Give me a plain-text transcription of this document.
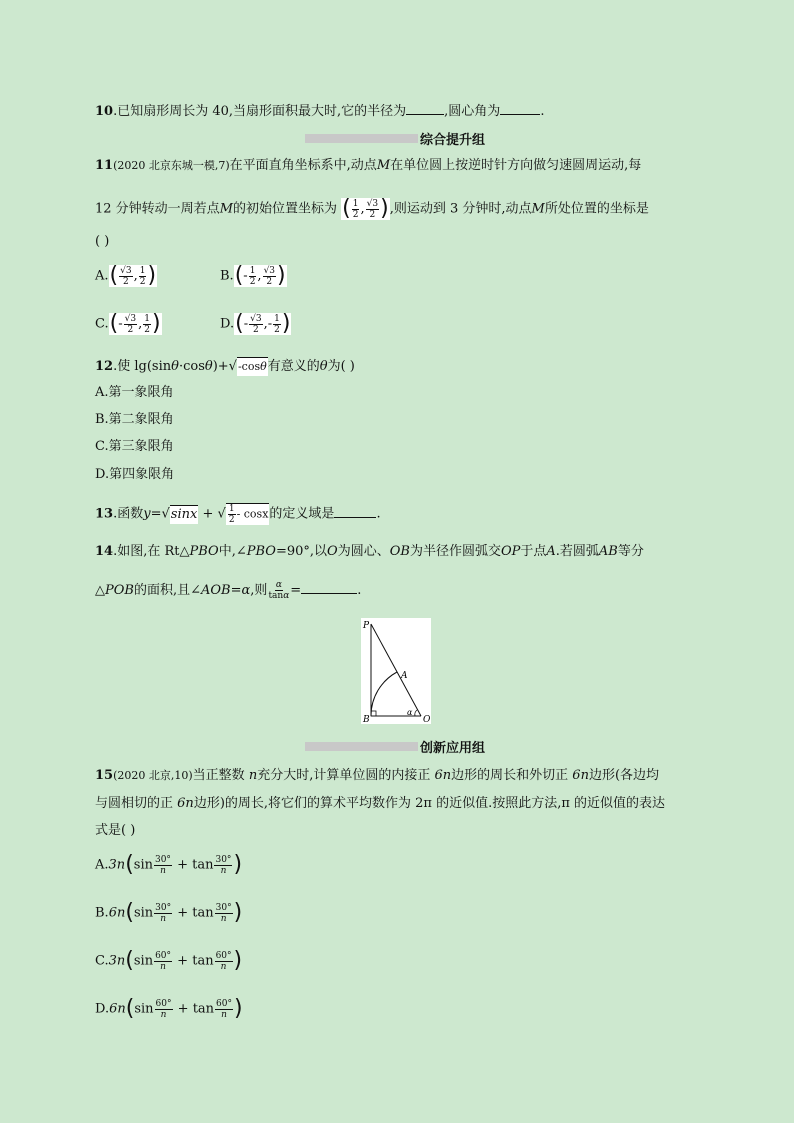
10.已知扇形周长为 40,当扇形面积最大时,它的半径为	,圆心角为	.
综合提升组
11(2020 北京东城一模,7)在平面直角坐标系中,动点M在单位圆上按逆时针方向做匀速圆周运动,每
12 分钟转动一周若点M的初始位置坐标为 ( $\frac{1}{2}$ , $\frac{√3}{2}$ ),则运动到 3 分钟时,动点M所处位置的坐标是
( )
$A.( \frac{√3}{2}$ , $\frac{1}{2}$ )	$B.(- \frac{1}{2}$ , $\frac{√3}{2}$ )
$C.(- \frac{√3}{2}$ , $\frac{1}{2}$ )	$D.(- \frac{√3}{2}$ ,- $\frac{1}{2}$ )
12.使 lg(sinθ·cosθ)+√-cosθ有意义的θ为( )
A.第一象限角
B.第二象限角
C.第三象限角
D.第四象限角
13.函数y=√sinx + √ $\frac{1}{2}$ - cosx的定义域是	.
14.如图,在 Rt△PBO中,∠PBO=90°,以O为圆心、OB为半径作圆弧交OP于点A.若圆弧AB等分
△POB的面积,且∠AOB=α,则 $\frac{\alpha}{\tan\alpha}$ =	.
P
A
B	O
α
创新应用组
15(2020 北京,10)当正整数 n充分大时,计算单位圆的内接正 6n边形的周长和外切正 6n边形(各边均
与圆相切的正 6n边形)的周长,将它们的算术平均数作为 2π 的近似值.按照此方法,π 的近似值的表达
式是( )
$A.3n(\sin \frac{30^\circ}{n} + \tan \frac{30^\circ}{n}$ )
$B.6n(\sin \frac{30^\circ}{n} + \tan \frac{30^\circ}{n}$ )
$C.3n(\sin \frac{60^\circ}{n} + \tan \frac{60^\circ}{n}$ )
$D.6n(\sin \frac{60^\circ}{n} + \tan \frac{60^\circ}{n}$ )
